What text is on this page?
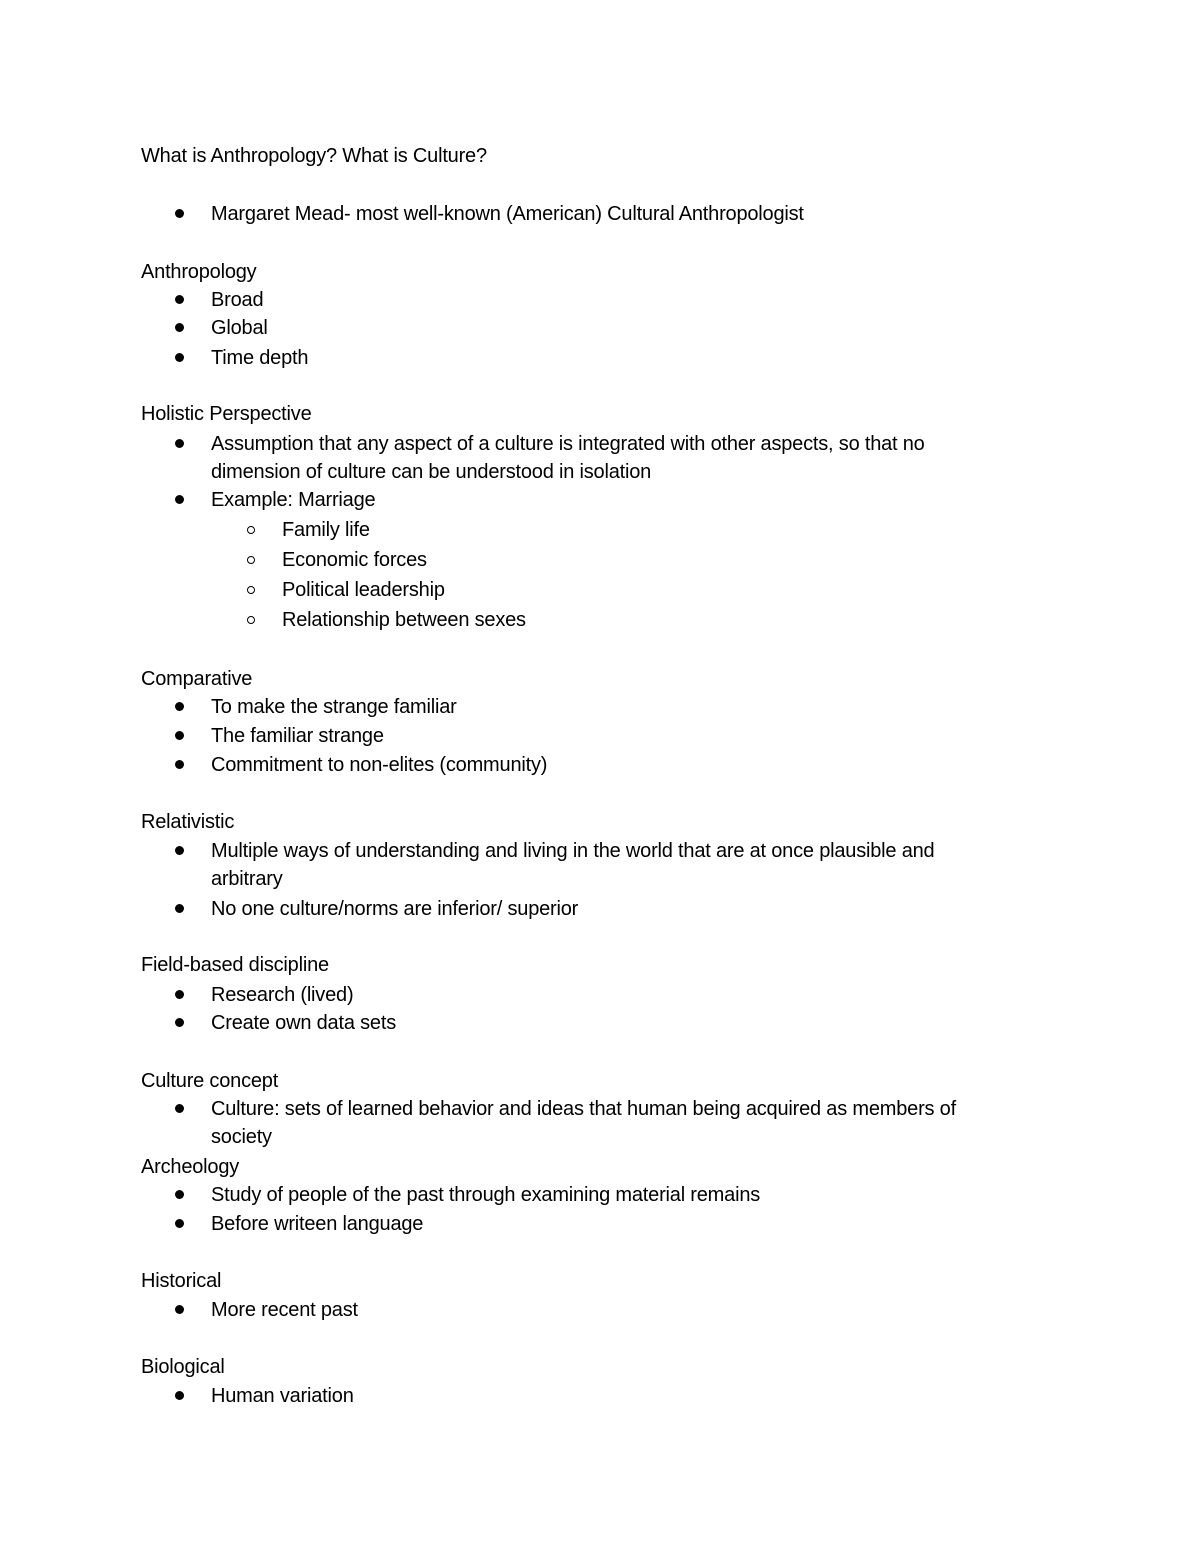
What is Anthropology? What is Culture?
Margaret Mead- most well-known (American) Cultural Anthropologist
Anthropology
Broad
Global
Time depth
Holistic Perspective
Assumption that any aspect of a culture is integrated with other aspects, so that no
dimension of culture can be understood in isolation
Example: Marriage
Family life
Economic forces
Political leadership
Relationship between sexes
Comparative
To make the strange familiar
The familiar strange
Commitment to non-elites (community)
Relativistic
Multiple ways of understanding and living in the world that are at once plausible and
arbitrary
No one culture/norms are inferior/ superior
Field-based discipline
Research (lived)
Create own data sets
Culture concept
Culture: sets of learned behavior and ideas that human being acquired as members of
society
Archeology
Study of people of the past through examining material remains
Before writeen language
Historical
More recent past
Biological
Human variation
